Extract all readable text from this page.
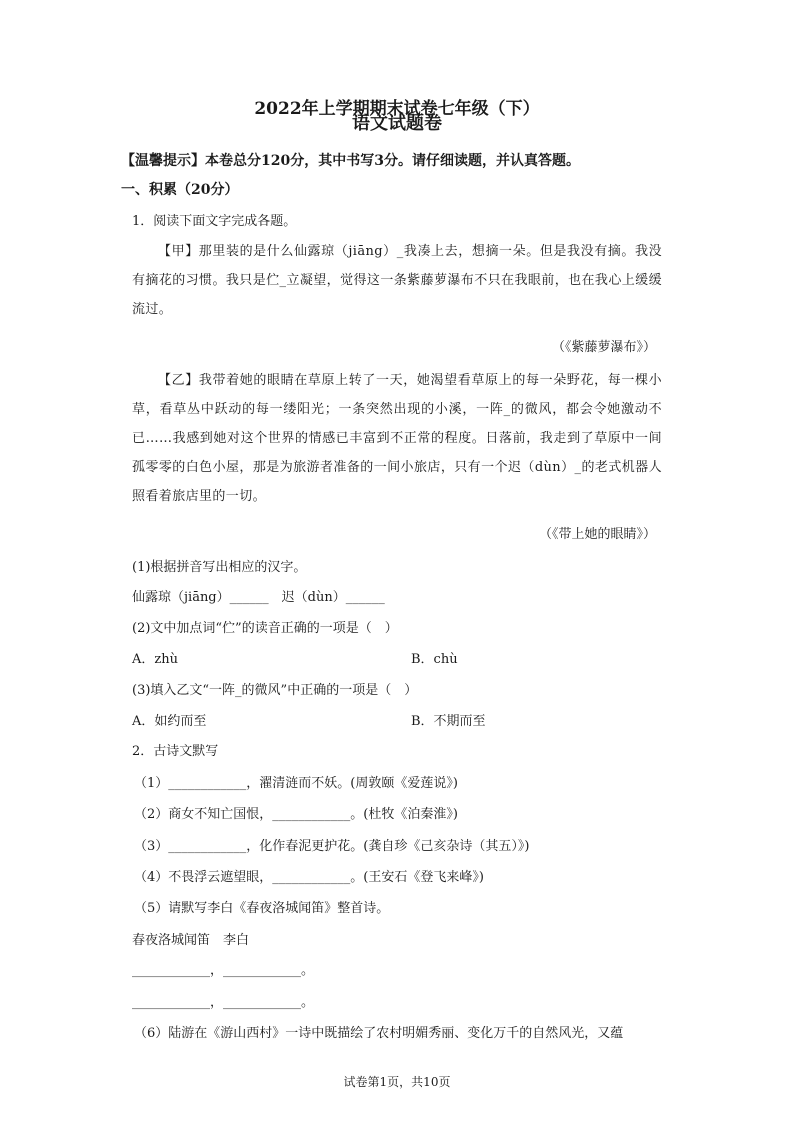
2022年上学期期末试卷七年级（下）
语文试题卷
【温馨提示】本卷总分120分，其中书写3分。请仔细读题，并认真答题。
一、积累（20分）
1．阅读下面文字完成各题。
【甲】那里装的是什么仙露琼（jiāng）_我凑上去，想摘一朵。但是我没有摘。我没有摘花的习惯。我只是伫_立凝望，觉得这一条紫藤萝瀑布不只在我眼前，也在我心上缓缓流过。
（《紫藤萝瀑布》）
【乙】我带着她的眼睛在草原上转了一天，她渴望看草原上的每一朵野花，每一棵小草，看草丛中跃动的每一缕阳光；一条突然出现的小溪，一阵_的微风，都会令她激动不已……我感到她对这个世界的情感已丰富到不正常的程度。日落前，我走到了草原中一间孤零零的白色小屋，那是为旅游者准备的一间小旅店，只有一个迟（dùn）_的老式机器人照看着旅店里的一切。
（《带上她的眼睛》）
(1)根据拼音写出相应的汉字。
仙露琼（jiāng）______　迟（dùn）______
(2)文中加点词“伫”的读音正确的一项是（　）
A．zhù	B．chù
(3)填入乙文“一阵_的微风”中正确的一项是（　）
A．如约而至	B．不期而至
2．古诗文默写
（1）____________，濯清涟而不妖。(周敦颐《爱莲说》)
（2）商女不知亡国恨，____________。(杜牧《泊秦淮》)
（3）____________，化作春泥更护花。(龚自珍《己亥杂诗（其五）》)
（4）不畏浮云遮望眼，____________。(王安石《登飞来峰》)
（5）请默写李白《春夜洛城闻笛》整首诗。
春夜洛城闻笛　李白
____________，____________。
____________，____________。
（6）陆游在《游山西村》一诗中既描绘了农村明媚秀丽、变化万千的自然风光，又蕴
试卷第1页，共10页
